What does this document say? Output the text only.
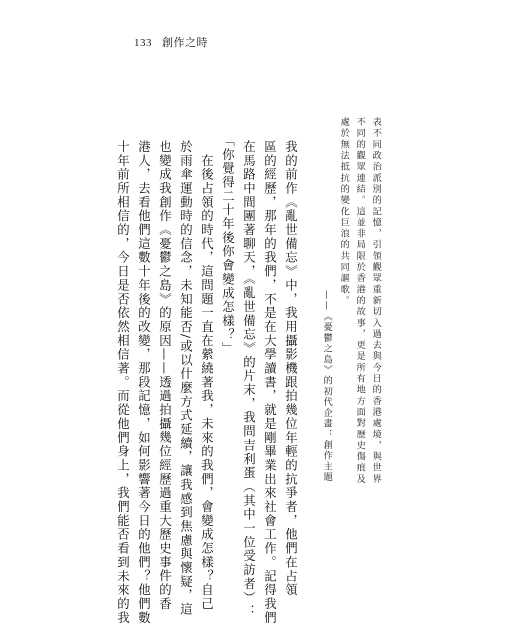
133 創作之時
表不同政治派別的記憶，引領觀眾重新切入過去與今日的香港處境，與世界
不同的觀眾連結。這並非局限於香港的故事，更是所有地方面對歷史傷痕及
處於無法抵抗的變化巨浪的共同謳歌。
——《憂鬱之島》的初代企畫：創作主題
我的前作《亂世備忘》中，我用攝影機跟拍幾位年輕的抗爭者，他們在占領
區的經歷，那年的我們，不是在大學讀書，就是剛畢業出來社會工作。記得我們
在馬路中間團著聊天，《亂世備忘》的片末，我問吉利蛋（其中一位受訪者）：
「你覺得二十年後你會變成怎樣？」
　在後占領的時代，這問題一直在縈繞著我，未來的我們，會變成怎樣？自己
於雨傘運動時的信念，未知能否/或以什麼方式延續，讓我感到焦慮與懷疑，這
也變成我創作《憂鬱之島》的原因——透過拍攝幾位經歷過重大歷史事件的香
港人，去看他們這數十年後的改變，那段記憶，如何影響著今日的他們？他們數
十年前所相信的，今日是否依然相信著。而從他們身上，我們能否看到未來的我
